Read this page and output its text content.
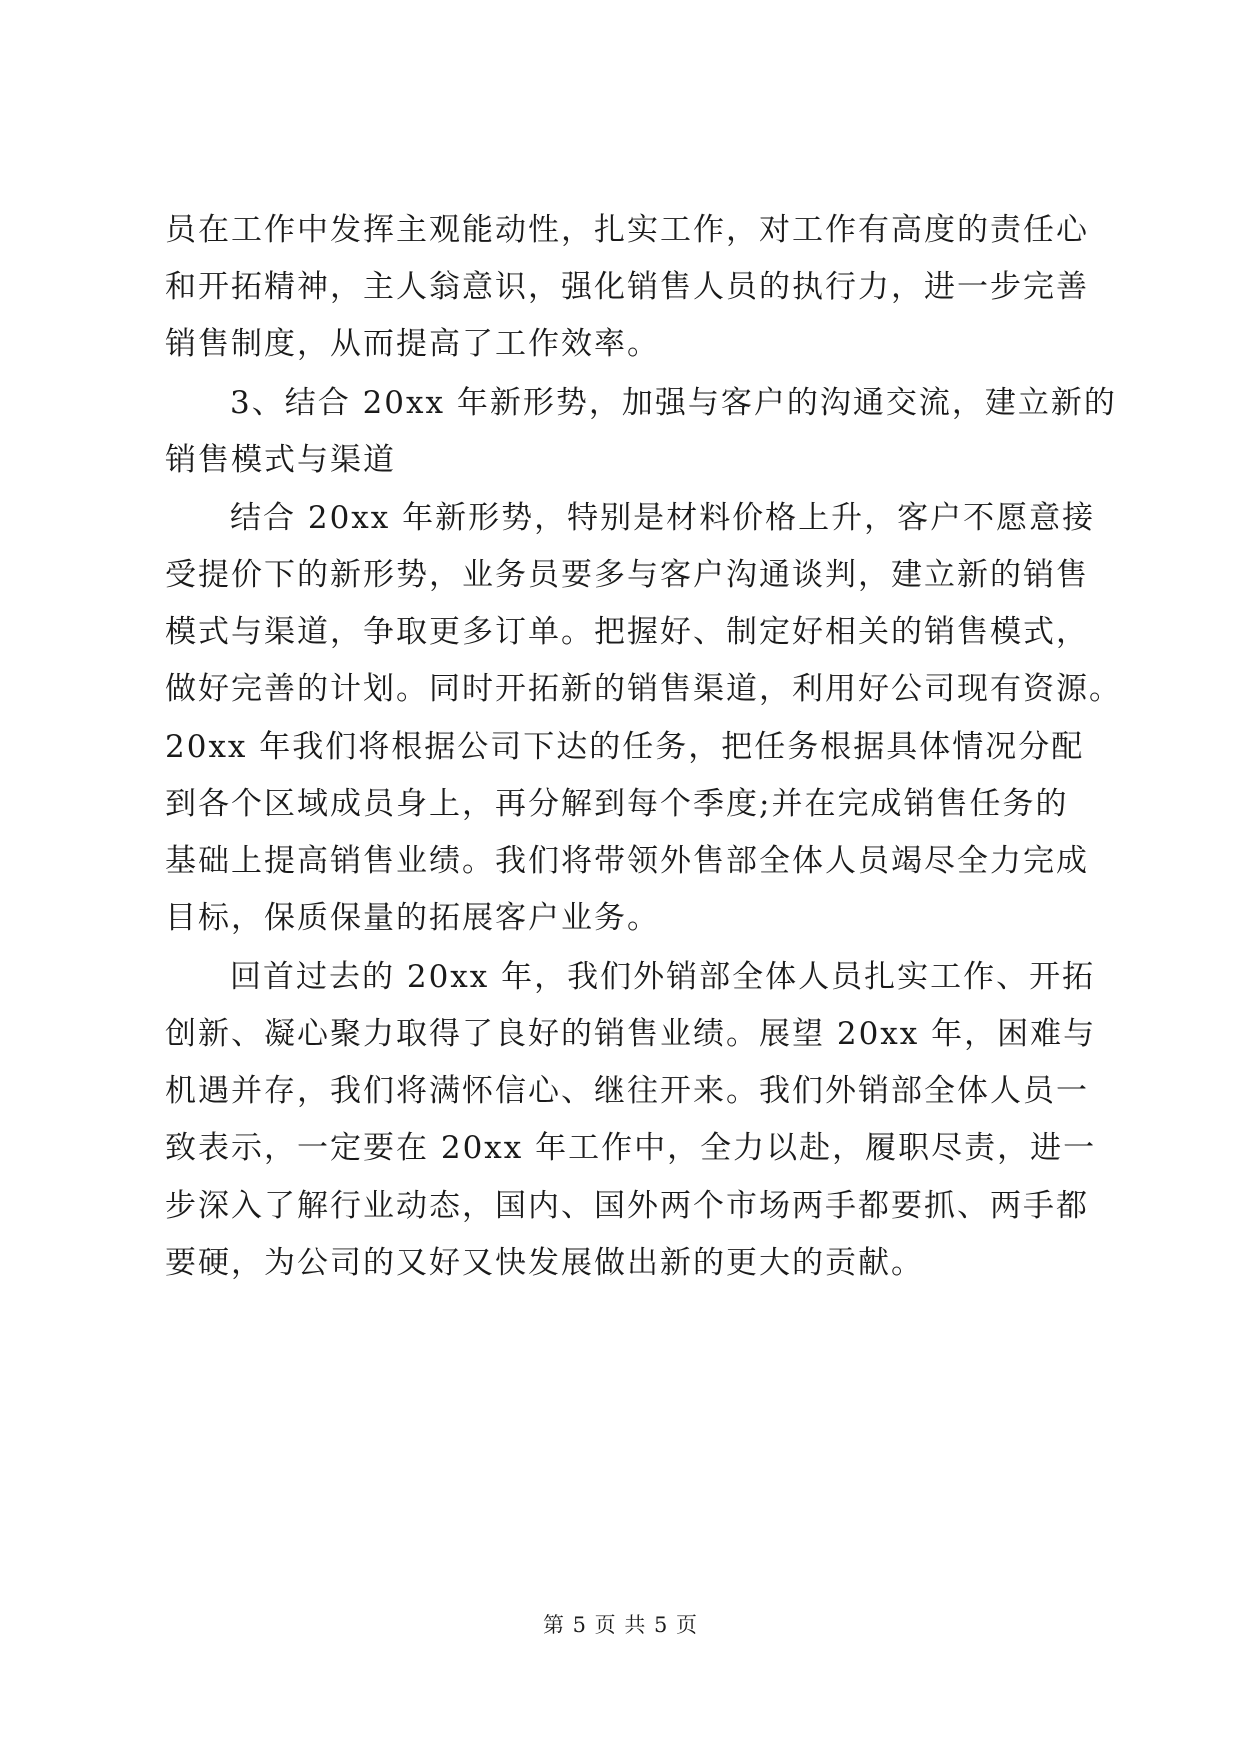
员在工作中发挥主观能动性，扎实工作，对工作有高度的责任心
和开拓精神，主人翁意识，强化销售人员的执行力，进一步完善
销售制度，从而提高了工作效率。
3、结合 20xx 年新形势，加强与客户的沟通交流，建立新的
销售模式与渠道
结合 20xx 年新形势，特别是材料价格上升，客户不愿意接
受提价下的新形势，业务员要多与客户沟通谈判，建立新的销售
模式与渠道，争取更多订单。把握好、制定好相关的销售模式，
做好完善的计划。同时开拓新的销售渠道，利用好公司现有资源。
20xx 年我们将根据公司下达的任务，把任务根据具体情况分配
到各个区域成员身上，再分解到每个季度;并在完成销售任务的
基础上提高销售业绩。我们将带领外售部全体人员竭尽全力完成
目标，保质保量的拓展客户业务。
回首过去的 20xx 年，我们外销部全体人员扎实工作、开拓
创新、凝心聚力取得了良好的销售业绩。展望 20xx 年，困难与
机遇并存，我们将满怀信心、继往开来。我们外销部全体人员一
致表示，一定要在 20xx 年工作中，全力以赴，履职尽责，进一
步深入了解行业动态，国内、国外两个市场两手都要抓、两手都
要硬，为公司的又好又快发展做出新的更大的贡献。
第 5 页 共 5 页
